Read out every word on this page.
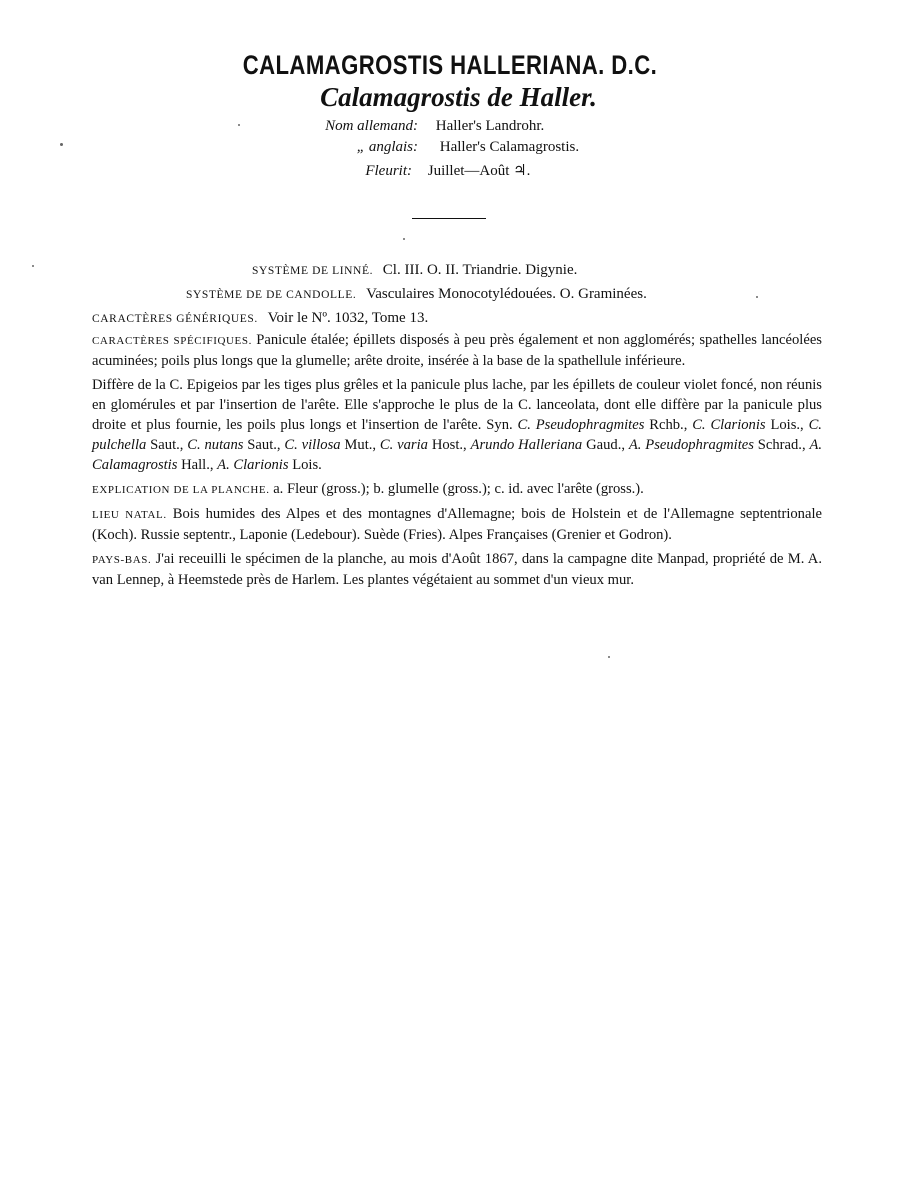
CALAMAGROSTIS HALLERIANA. D.C.
Calamagrostis de Haller.
Nom allemand: Haller's Landrohr.
„ anglais: Haller's Calamagrostis.
Fleurit: Juillet—Août ♃.
SYSTÈME DE LINNÉ. Cl. III. O. II. Triandrie. Digynie.
SYSTÈME DE DE CANDOLLE. Vasculaires Monocotylédouées. O. Graminées.
CARACTÈRES GÉNÉRIQUES. Voir le Nº. 1032, Tome 13.

CARACTÈRES SPÉCIFIQUES. Panicule étalée; épillets disposés à peu près également et non agglomérés; spathelles lancéolées acuminées; poils plus longs que la glumelle; arête droite, insérée à la base de la spathellule inférieure.

Diffère de la C. Epigeios par les tiges plus grêles et la panicule plus lache, par les épillets de couleur violet foncé, non réunis en glomérules et par l'insertion de l'arête. Elle s'approche le plus de la C. lanceolata, dont elle diffère par la panicule plus droite et plus fournie, les poils plus longs et l'insertion de l'arête. Syn. C. Pseudophragmites Rchb., C. Clarionis Lois., C. pulchella Saut., C. nutans Saut., C. villosa Mut., C. varia Host., Arundo Halleriana Gaud., A. Pseudophragmites Schrad., A. Calamagrostis Hall., A. Clarionis Lois.

EXPLICATION DE LA PLANCHE. a. Fleur (gross.); b. glumelle (gross.); c. id. avec l'arête (gross.).

LIEU NATAL. Bois humides des Alpes et des montagnes d'Allemagne; bois de Holstein et de l'Allemagne septentrionale (Koch). Russie septentr., Laponie (Ledebour). Suède (Fries). Alpes Françaises (Grenier et Godron).

PAYS-BAS. J'ai receuilli le spécimen de la planche, au mois d'Août 1867, dans la campagne dite Manpad, propriété de M. A. van Lennep, à Heemstede près de Harlem. Les plantes végétaient au sommet d'un vieux mur.
